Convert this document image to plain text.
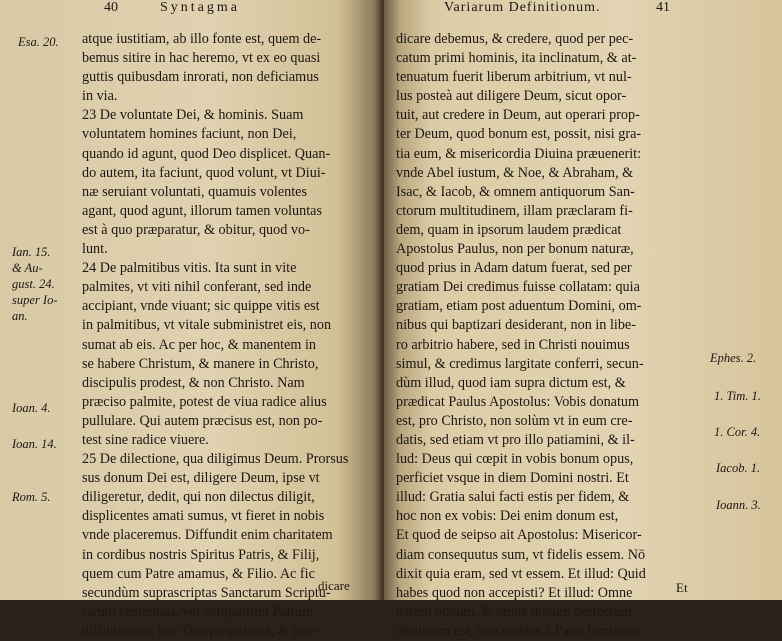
40	Syntagma
atque iustitiam, ab illo fonte est, quem de-
bemus sitire in hac heremo, vt ex eo quasi
guttis quibusdam inrorati, non deficiamus
in via.
23 De voluntate Dei, & hominis. Suam
voluntatem homines faciunt, non Dei,
quando id agunt, quod Deo displicet. Quan-
do autem, ita faciunt, quod volunt, vt Diui-
næ seruiant voluntati, quamuis volentes
agant, quod agunt, illorum tamen voluntas
est à quo præparatur, & obitur, quod vo-
lunt.
24 De palmitibus vitis. Ita sunt in vite
palmites, vt viti nihil conferant, sed inde
accipiant, vnde viuant; sic quippe vitis est
in palmitibus, vt vitale subministret eis, non
sumat ab eis. Ac per hoc, & manentem in
se habere Christum, & manere in Christo,
discipulis prodest, & non Christo. Nam
præciso palmite, potest de viua radice alius
pullulare. Qui autem præcisus est, non po-
test sine radice viuere.
25 De dilectione, qua diligimus Deum. Prorsus
sus donum Dei est, diligere Deum, ipse vt
diligeretur, dedit, qui non dilectus diligit,
displicentes amati sumus, vt fieret in nobis
vnde placeremus. Diffundit enim charitatem
in cordibus nostris Spiritus Patris, & Filij,
quem cum Patre amamus, & Filio. Ac fic
secundùm suprascriptas Sanctarum Scriptu-
rarum sententias, vel antiquorum Patrum
diffinitiones, hoc Deo propitiante, & præ-
Esa. 20.
Ian. 15.
& Au-
gust. 24.
super Io-
an.
Ioan. 4.
Ioan. 14.
Rom. 5.
dicare
Variarum Definitionum.	41
dicare debemus, & credere, quod per pec-
catum primi hominis, ita inclinatum, & at-
tenuatum fuerit liberum arbitrium, vt nul-
lus posteà aut diligere Deum, sicut opor-
tuit, aut credere in Deum, aut operari prop-
ter Deum, quod bonum est, possit, nisi gra-
tia eum, & misericordia Diuina præuenerit:
vnde Abel iustum, & Noe, & Abraham, &
Isac, & Iacob, & omnem antiquorum San-
ctorum multitudinem, illam præclaram fi-
dem, quam in ipsorum laudem prædicat
Apostolus Paulus, non per bonum naturæ,
quod prius in Adam datum fuerat, sed per
gratiam Dei credimus fuisse collatam: quia
gratiam, etiam post aduentum Domini, om-
nibus qui baptizari desiderant, non in libe-
ro arbitrio habere, sed in Christi nouimus
simul, & credimus largitate conferri, secun-
dùm illud, quod iam supra dictum est, &
prædicat Paulus Apostolus: Vobis donatum
est, pro Christo, non solùm vt in eum cre-
datis, sed etiam vt pro illo patiamini, & il-
lud: Deus qui cœpit in vobis bonum opus,
perficiet vsque in diem Domini nostri. Et
illud: Gratia salui facti estis per fidem, &
hoc non ex vobis: Dei enim donum est,
Et quod de seipso ait Apostolus: Misericor-
diam consequutus sum, vt fidelis essem. Nō
dixit quia eram, sed vt essem. Et illud: Quid
habes quod non accepisti? Et illud: Omne
datum bonum, & omne donum perfectum
desursum est, descendens à Patre luminum.
Ephes. 2.
1. Tim. 1.
1. Cor. 4.
Iacob. 1.
Ioann. 3.
Et
